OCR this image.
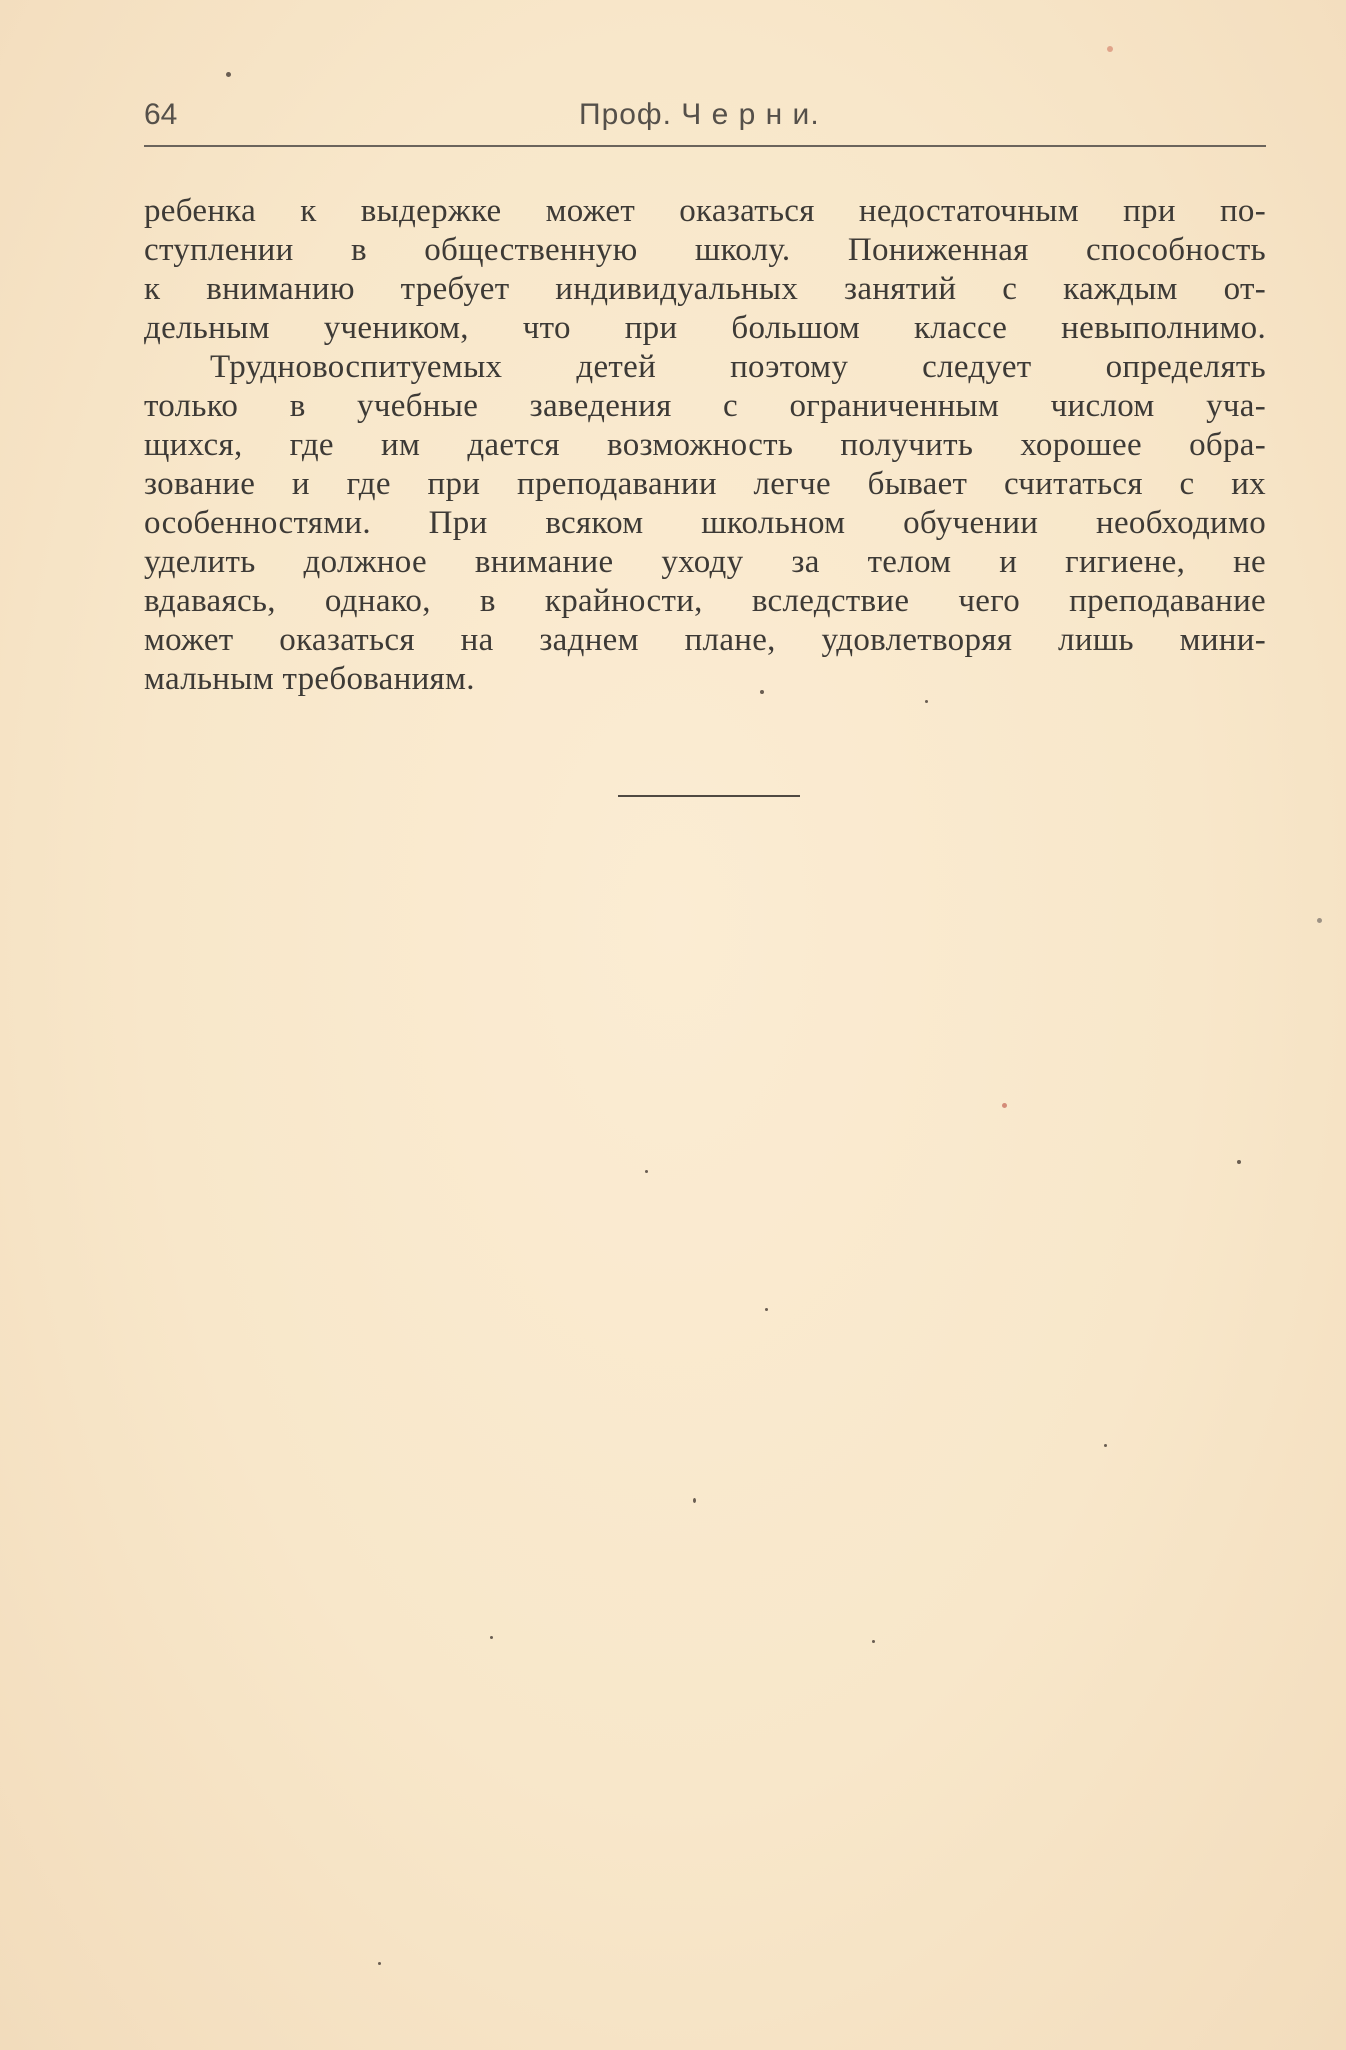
64	Проф. Ч е р н и.
ребенка к выдержке может оказаться недостаточным при по-
ступлении в общественную школу. Пониженная способность
к вниманию требует индивидуальных занятий с каждым от-
дельным учеником, что при большом классе невыполнимо.
Трудновоспитуемых детей поэтому следует определять
только в учебные заведения с ограниченным числом уча-
щихся, где им дается возможность получить хорошее обра-
зование и где при преподавании легче бывает считаться с их
особенностями. При всяком школьном обучении необходимо
уделить должное внимание уходу за телом и гигиене, не
вдаваясь, однако, в крайности, вследствие чего преподавание
может оказаться на заднем плане, удовлетворяя лишь мини-
мальным требованиям.
